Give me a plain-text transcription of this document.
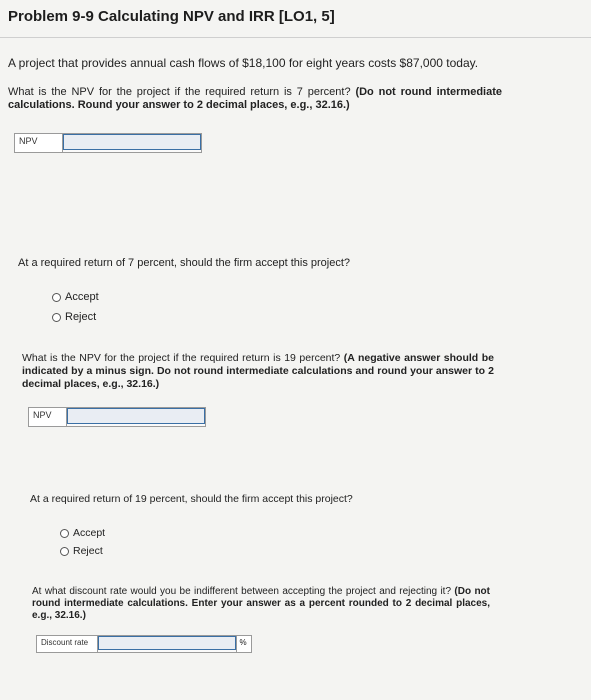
Problem 9-9 Calculating NPV and IRR [LO1, 5]
A project that provides annual cash flows of $18,100 for eight years costs $87,000 today.
What is the NPV for the project if the required return is 7 percent? (Do not round intermediate calculations. Round your answer to 2 decimal places, e.g., 32.16.)
NPV
At a required return of 7 percent, should the firm accept this project?
Accept
Reject
What is the NPV for the project if the required return is 19 percent? (A negative answer should be indicated by a minus sign. Do not round intermediate calculations and round your answer to 2 decimal places, e.g., 32.16.)
NPV
At a required return of 19 percent, should the firm accept this project?
Accept
Reject
At what discount rate would you be indifferent between accepting the project and rejecting it? (Do not round intermediate calculations. Enter your answer as a percent rounded to 2 decimal places, e.g., 32.16.)
Discount rate	%
